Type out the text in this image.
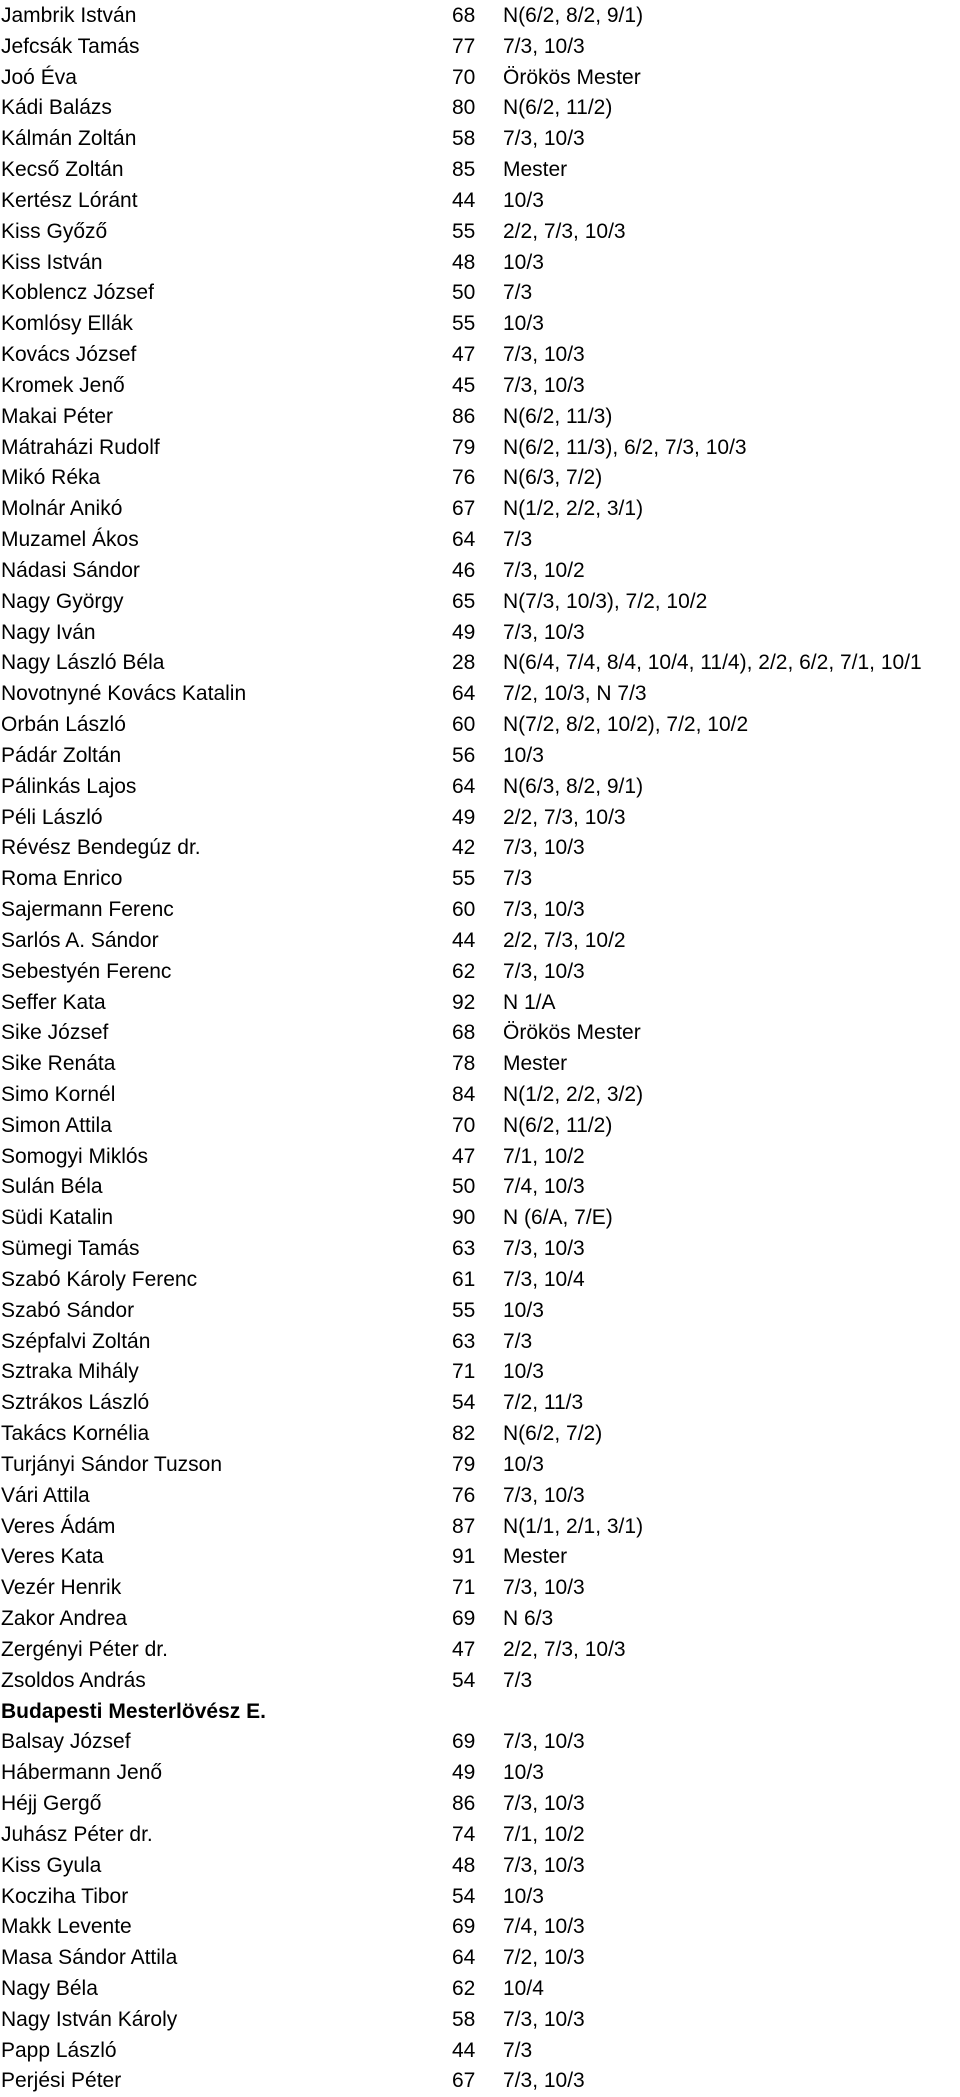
Jambrik István	68 N(6/2, 8/2, 9/1)
Jefcsák Tamás	77 7/3, 10/3
Joó Éva	70 Örökös Mester
Kádi Balázs	80 N(6/2, 11/2)
Kálmán Zoltán	58 7/3, 10/3
Kecső Zoltán	85 Mester
Kertész Lóránt	44 10/3
Kiss Győző	55 2/2, 7/3, 10/3
Kiss István	48 10/3
Koblencz József	50 7/3
Komlósy Ellák	55 10/3
Kovács József	47 7/3, 10/3
Kromek Jenő	45 7/3, 10/3
Makai Péter	86 N(6/2, 11/3)
Mátraházi Rudolf	79 N(6/2, 11/3), 6/2, 7/3, 10/3
Mikó Réka	76 N(6/3, 7/2)
Molnár Anikó	67 N(1/2, 2/2, 3/1)
Muzamel Ákos	64 7/3
Nádasi Sándor	46 7/3, 10/2
Nagy György	65 N(7/3, 10/3), 7/2, 10/2
Nagy Iván	49 7/3, 10/3
Nagy László Béla	28 N(6/4, 7/4, 8/4, 10/4, 11/4), 2/2, 6/2, 7/1, 10/1
Novotnyné Kovács Katalin	64 7/2, 10/3, N 7/3
Orbán László	60 N(7/2, 8/2, 10/2), 7/2, 10/2
Pádár Zoltán	56 10/3
Pálinkás Lajos	64 N(6/3, 8/2, 9/1)
Péli László	49 2/2, 7/3, 10/3
Révész Bendegúz dr.	42 7/3, 10/3
Roma Enrico	55 7/3
Sajermann Ferenc	60 7/3, 10/3
Sarlós A. Sándor	44 2/2, 7/3, 10/2
Sebestyén Ferenc	62 7/3, 10/3
Seffer Kata	92 N 1/A
Sike József	68 Örökös Mester
Sike Renáta	78 Mester
Simo Kornél	84 N(1/2, 2/2, 3/2)
Simon Attila	70 N(6/2, 11/2)
Somogyi Miklós	47 7/1, 10/2
Sulán Béla	50 7/4, 10/3
Südi Katalin	90 N (6/A, 7/E)
Sümegi Tamás	63 7/3, 10/3
Szabó Károly Ferenc	61 7/3, 10/4
Szabó Sándor	55 10/3
Szépfalvi Zoltán	63 7/3
Sztraka Mihály	71 10/3
Sztrákos László	54 7/2, 11/3
Takács Kornélia	82 N(6/2, 7/2)
Turjányi Sándor Tuzson	79 10/3
Vári Attila	76 7/3, 10/3
Veres Ádám	87 N(1/1, 2/1, 3/1)
Veres Kata	91 Mester
Vezér Henrik	71 7/3, 10/3
Zakor Andrea	69 N 6/3
Zergényi Péter dr.	47 2/2, 7/3, 10/3
Zsoldos András	54 7/3
Budapesti Mesterlövész E.
Balsay József	69 7/3, 10/3
Hábermann Jenő	49 10/3
Héjj Gergő	86 7/3, 10/3
Juhász Péter dr.	74 7/1, 10/2
Kiss Gyula	48 7/3, 10/3
Kocziha Tibor	54 10/3
Makk Levente	69 7/4, 10/3
Masa Sándor Attila	64 7/2, 10/3
Nagy Béla	62 10/4
Nagy István Károly	58 7/3, 10/3
Papp László	44 7/3
Perjési Péter	67 7/3, 10/3
